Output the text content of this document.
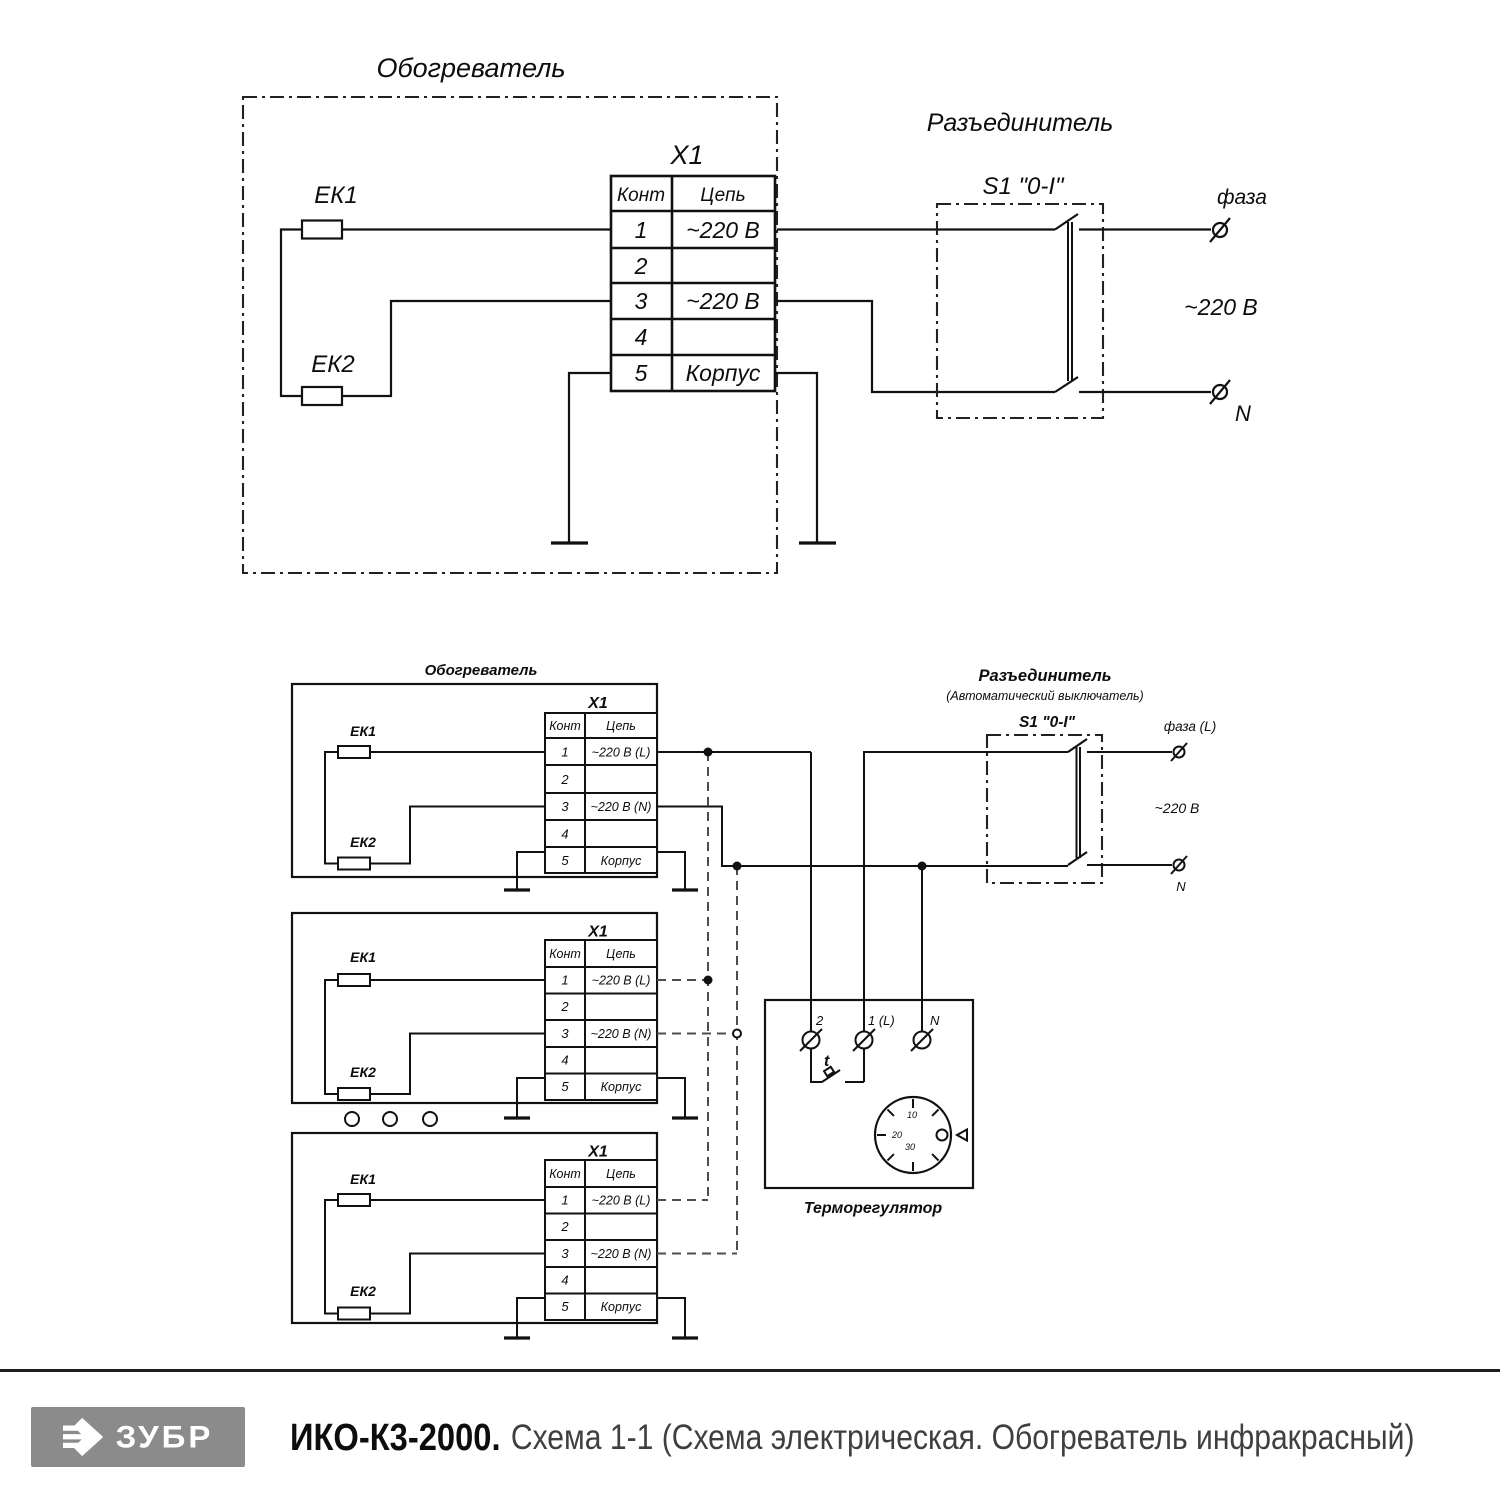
Обогреватель
ЕК1
ЕК2
X1
Конт Цепь
1 ~220 В
2
3 ~220 В
4
5 Корпус
Разъединитель
S1 "0-I"	фаза
~220 В
N
Обогреватель
ЕК1
ЕК2
X1
Конт Цепь
1 ~220 В (L)
2
3 ~220 В (N)
4
5	Корпус
ЕК1
ЕК2
X1
Конт Цепь
1 ~220 В (L)
2
3 ~220 В (N)
4
5	Корпус
ЕК1
ЕК2
X1
Конт Цепь
1 ~220 В (L)
2
3 ~220 В (N)
4
5	Корпус
Разъединитель
(Автоматический выключатель)
S1 "0-I"	фаза (L)
~220 В
N
2	1 (L)	N
t
10
20
30
Терморегулятор
ЗУБР ИКО-К3-2000. Схема 1-1 (Схема электрическая. Обогреватель инфракрасный)
